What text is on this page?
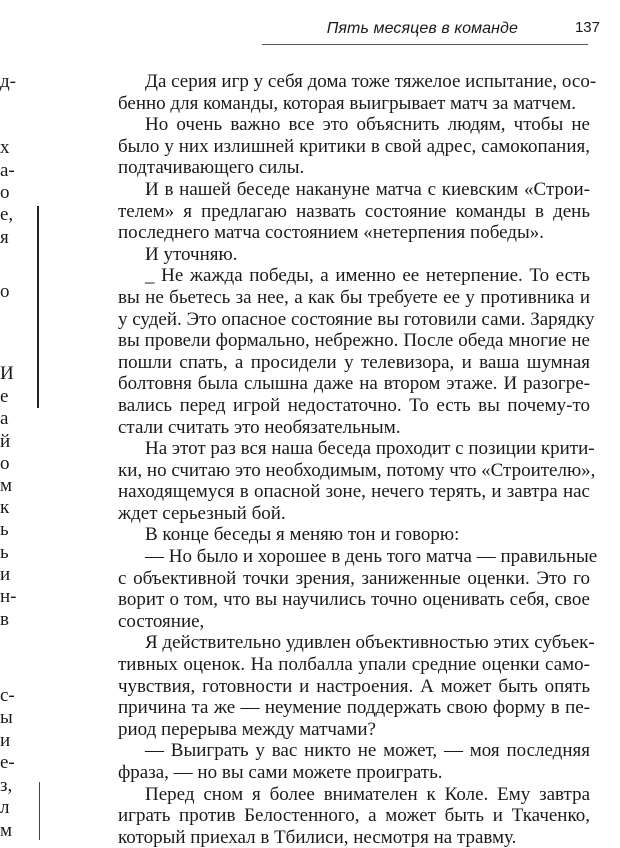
Пять месяцев в команде	137
д-
х
а-
о
е,
я
о
И
е
а
й
о
м
к
ь
ь
и
н-
в
с-
ы
и
е-
з,
л
м
Да серия игр у себя дома тоже тяжелое испытание, осо-
бенно для команды, которая выигрывает матч за матчем.
Но очень важно все это объяснить людям, чтобы не
было у них излишней критики в свой адрес, самокопания,
подтачивающего силы.
И в нашей беседе накануне матча с киевским «Строи-
телем» я предлагаю назвать состояние команды в день
последнего матча состоянием «нетерпения победы».
И уточняю.
_ Не жажда победы, а именно ее нетерпение. То есть
вы не бьетесь за нее, а как бы требуете ее у противника и
у судей. Это опасное состояние вы готовили сами. Зарядку
вы провели формально, небрежно. После обеда многие не
пошли спать, а просидели у телевизора, и ваша шумная
болтовня была слышна даже на втором этаже. И разогре-
вались перед игрой недостаточно. То есть вы почему-то
стали считать это необязательным.
На этот раз вся наша беседа проходит с позиции крити-
ки, но считаю это необходимым, потому что «Строителю»,
находящемуся в опасной зоне, нечего терять, и завтра нас
ждет серьезный бой.
В конце беседы я меняю тон и говорю:
— Но было и хорошее в день того матча — правильные
с объективной точки зрения, заниженные оценки. Это го
ворит о том, что вы научились точно оценивать себя, свое
состояние,
Я действительно удивлен объективностью этих субъек-
тивных оценок. На полбалла упали средние оценки само-
чувствия, готовности и настроения. А может быть опять
причина та же — неумение поддержать свою форму в пе-
риод перерыва между матчами?
— Выиграть у вас никто не может, — моя последняя
фраза, — но вы сами можете проиграть.
Перед сном я более внимателен к Коле. Ему завтра
играть против Белостенного, а может быть и Ткаченко,
который приехал в Тбилиси, несмотря на травму.
